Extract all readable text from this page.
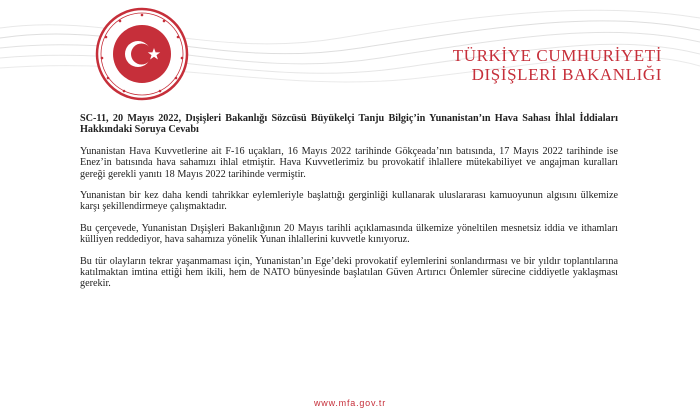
TÜRKİYE CUMHURİYETİ
DIŞİŞLERİ BAKANLIĞI
SC-11, 20 Mayıs 2022, Dışişleri Bakanlığı Sözcüsü Büyükelçi Tanju Bilgiç’in Yunanistan’ın Hava Sahası İhlal İddiaları Hakkındaki Soruya Cevabı

Yunanistan Hava Kuvvetlerine ait F-16 uçakları, 16 Mayıs 2022 tarihinde Gökçeada’nın batısında, 17 Mayıs 2022 tarihinde ise Enez’in batısında hava sahamızı ihlal etmiştir. Hava Kuvvetlerimiz bu provokatif ihlallere mütekabiliyet ve angajman kuralları gereği gerekli yanıtı 18 Mayıs 2022 tarihinde vermiştir.

Yunanistan bir kez daha kendi tahrikkar eylemleriyle başlattığı gerginliği kullanarak uluslararası kamuoyunun algısını ülkemize karşı şekillendirmeye çalışmaktadır.

Bu çerçevede, Yunanistan Dışişleri Bakanlığının 20 Mayıs tarihli açıklamasında ülkemize yöneltilen mesnetsiz iddia ve ithamları külliyen reddediyor, hava sahamıza yönelik Yunan ihlallerini kuvvetle kınıyoruz.

Bu tür olayların tekrar yaşanmaması için, Yunanistan’ın Ege’deki provokatif eylemlerini sonlandırması ve bir yıldır toplantılarına katılmaktan imtina ettiği hem ikili, hem de NATO bünyesinde başlatılan Güven Artırıcı Önlemler sürecine ciddiyetle yaklaşması gerekir.

www.mfa.gov.tr
